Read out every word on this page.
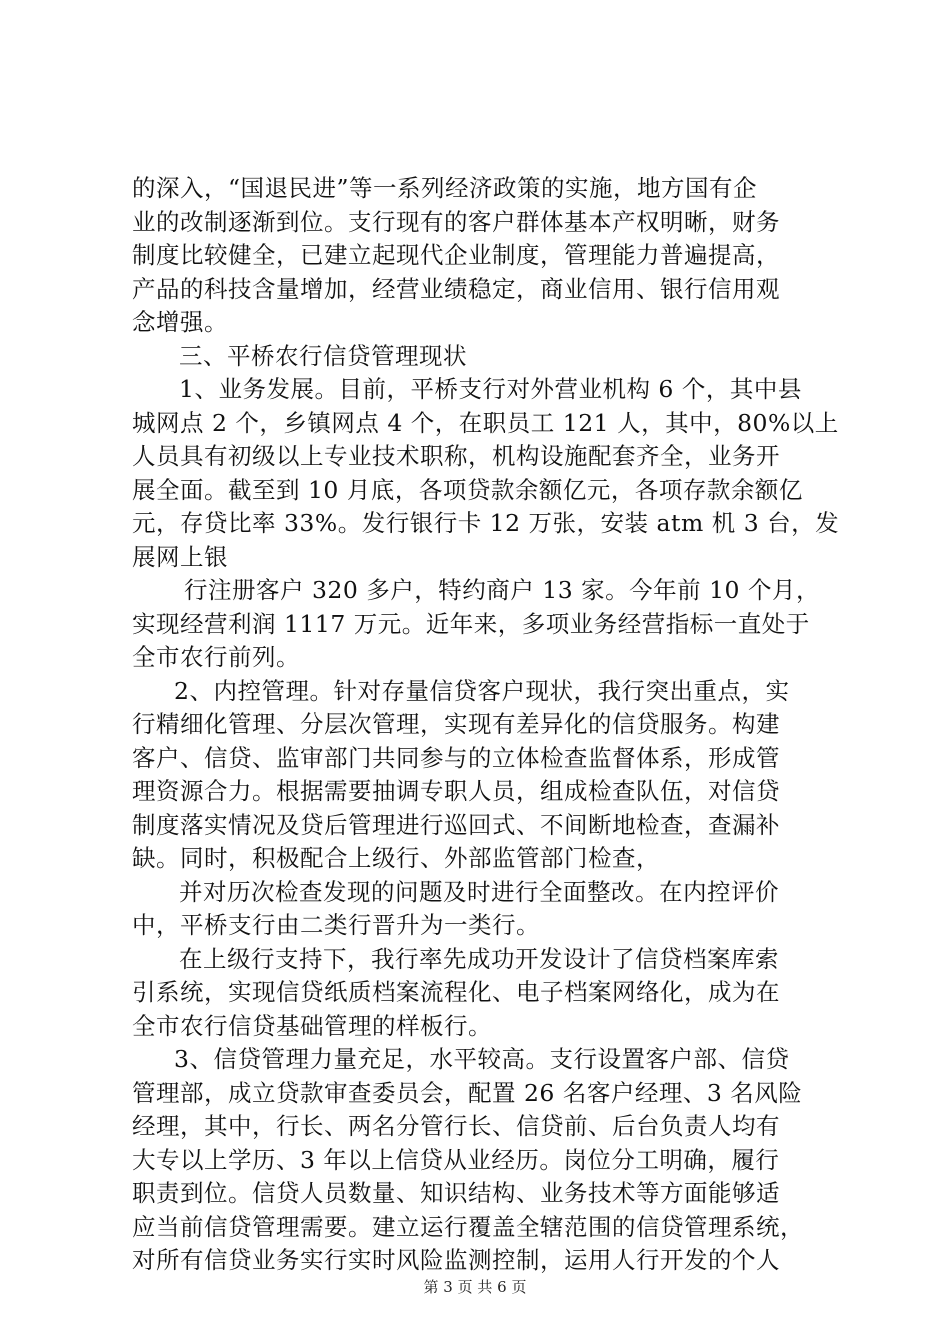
的深入，“国退民进”等一系列经济政策的实施，地方国有企
业的改制逐渐到位。支行现有的客户群体基本产权明晰，财务
制度比较健全，已建立起现代企业制度，管理能力普遍提高，
产品的科技含量增加，经营业绩稳定，商业信用、银行信用观
念增强。
三、平桥农行信贷管理现状
1、业务发展。目前，平桥支行对外营业机构 6 个，其中县
城网点 2 个，乡镇网点 4 个，在职员工 121 人，其中，80%以上
人员具有初级以上专业技术职称，机构设施配套齐全，业务开
展全面。截至到 10 月底，各项贷款余额亿元，各项存款余额亿
元，存贷比率 33%。发行银行卡 12 万张，安装 atm 机 3 台，发
展网上银
行注册客户 320 多户，特约商户 13 家。今年前 10 个月，
实现经营利润 1117 万元。近年来，多项业务经营指标一直处于
全市农行前列。
2、内控管理。针对存量信贷客户现状，我行突出重点，实
行精细化管理、分层次管理，实现有差异化的信贷服务。构建
客户、信贷、监审部门共同参与的立体检查监督体系，形成管
理资源合力。根据需要抽调专职人员，组成检查队伍，对信贷
制度落实情况及贷后管理进行巡回式、不间断地检查，查漏补
缺。同时，积极配合上级行、外部监管部门检查，
并对历次检查发现的问题及时进行全面整改。在内控评价
中，平桥支行由二类行晋升为一类行。
在上级行支持下，我行率先成功开发设计了信贷档案库索
引系统，实现信贷纸质档案流程化、电子档案网络化，成为在
全市农行信贷基础管理的样板行。
3、信贷管理力量充足，水平较高。支行设置客户部、信贷
管理部，成立贷款审查委员会，配置 26 名客户经理、3 名风险
经理，其中，行长、两名分管行长、信贷前、后台负责人均有
大专以上学历、3 年以上信贷从业经历。岗位分工明确，履行
职责到位。信贷人员数量、知识结构、业务技术等方面能够适
应当前信贷管理需要。建立运行覆盖全辖范围的信贷管理系统，
对所有信贷业务实行实时风险监测控制，运用人行开发的个人
第 3 页 共 6 页
